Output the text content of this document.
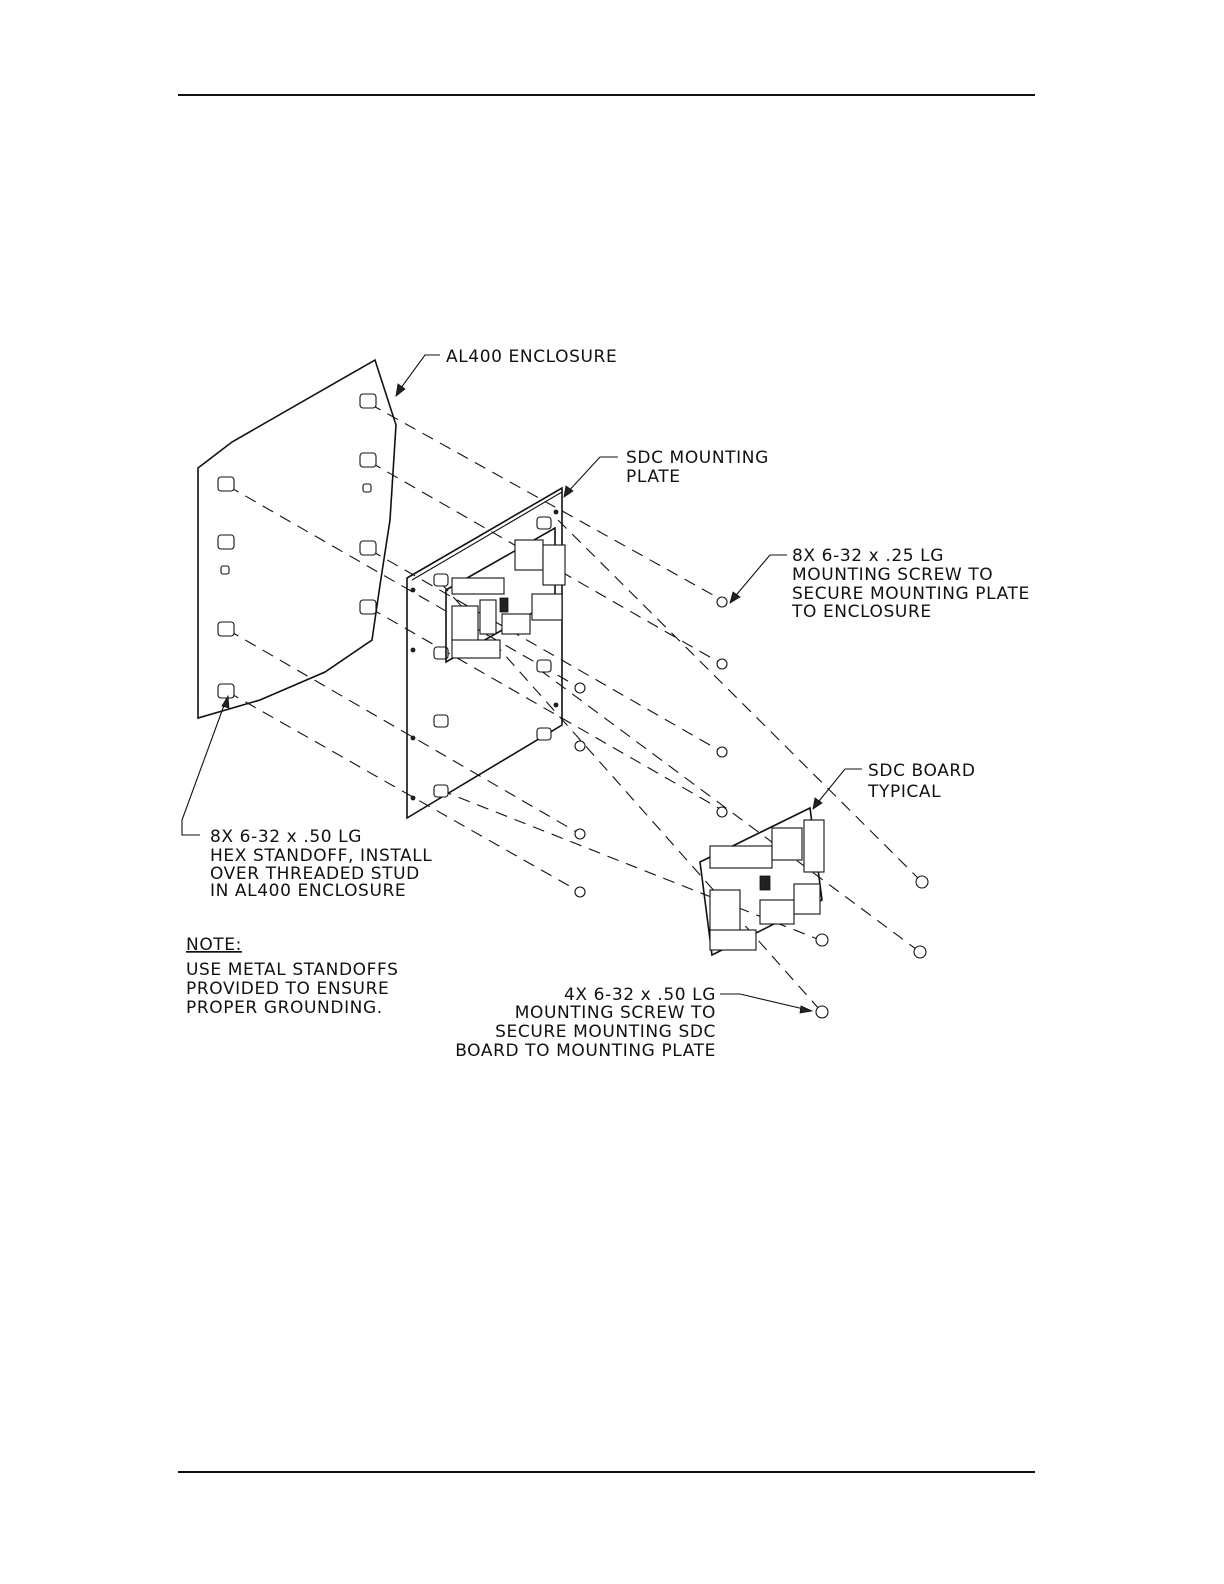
AL400 ENCLOSURE
SDC MOUNTING
PLATE
8X 6-32 x .25 LG
MOUNTING SCREW TO
SECURE MOUNTING PLATE
TO ENCLOSURE
SDC BOARD
TYPICAL
8X 6-32 x .50 LG
HEX STANDOFF, INSTALL
OVER THREADED STUD
IN AL400 ENCLOSURE
NOTE:
USE METAL STANDOFFS
PROVIDED TO ENSURE
PROPER GROUNDING.
4X 6-32 x .50 LG
MOUNTING SCREW TO
SECURE MOUNTING SDC
BOARD TO MOUNTING PLATE
